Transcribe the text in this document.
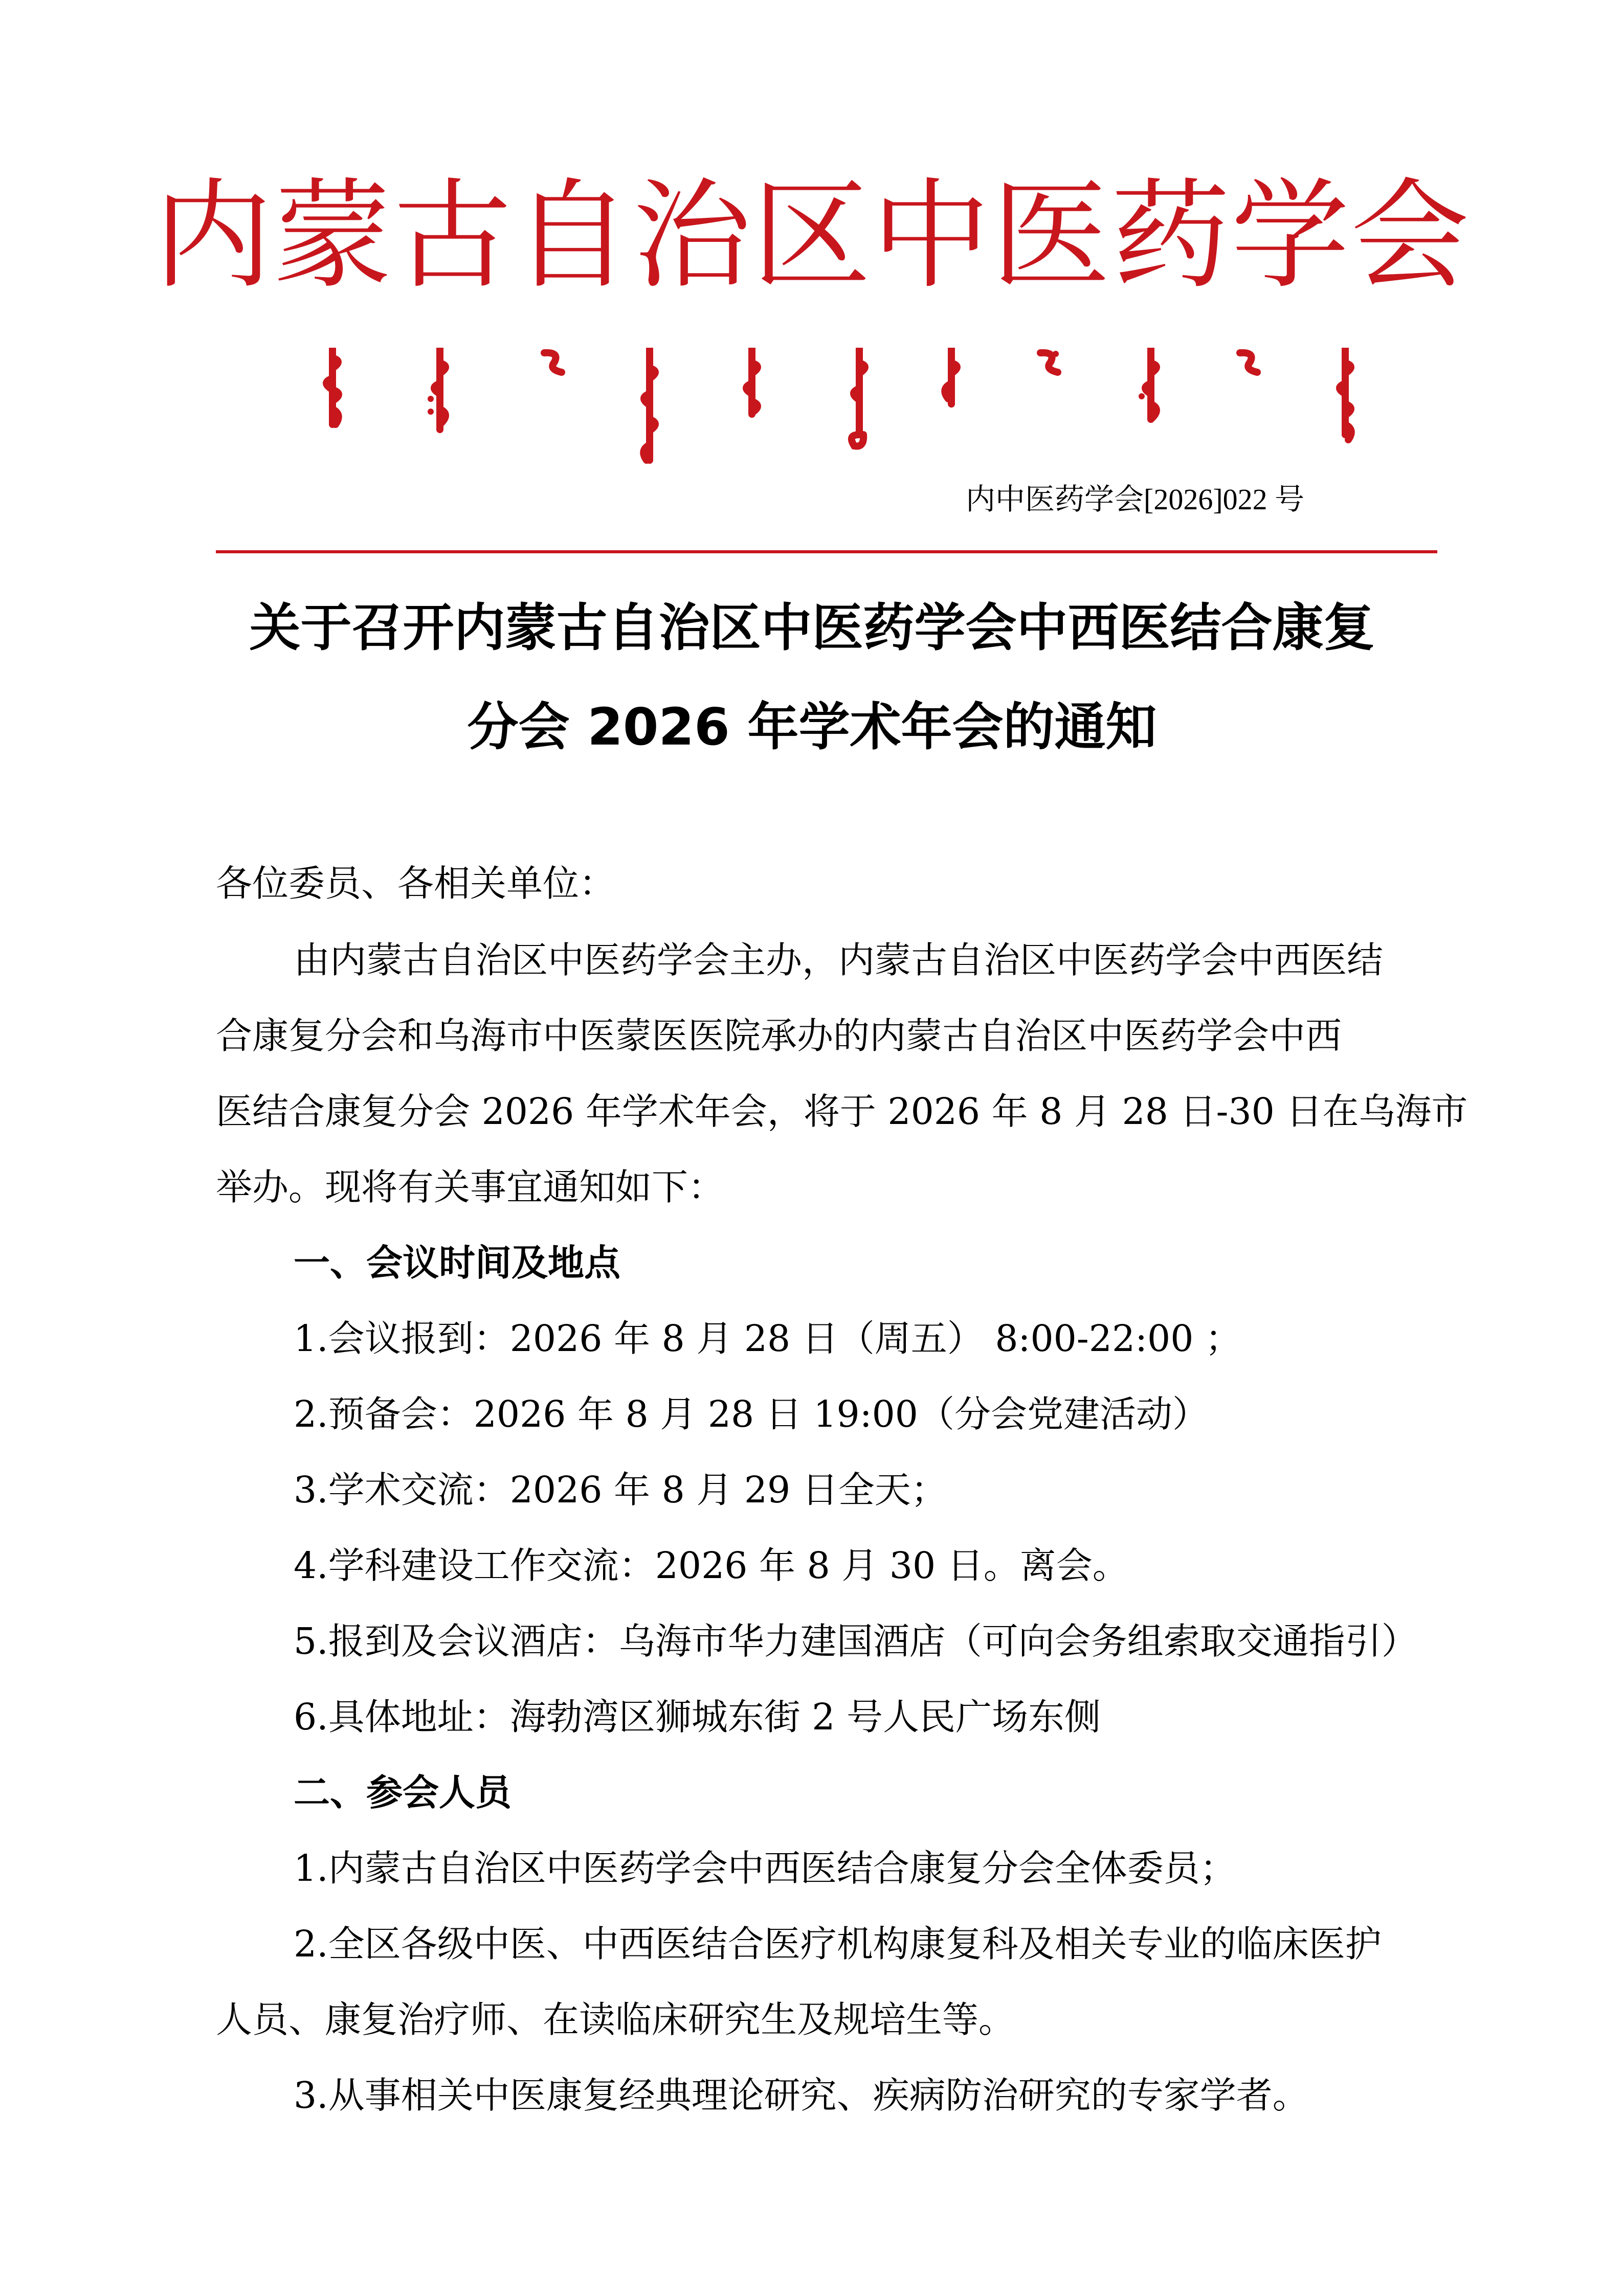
内蒙古自治区中医药学会
内中医药学会[2026]022 号
关于召开内蒙古自治区中医药学会中西医结合康复
分会 2026 年学术年会的通知
各位委员、各相关单位：
由内蒙古自治区中医药学会主办，内蒙古自治区中医药学会中西医结
合康复分会和乌海市中医蒙医医院承办的内蒙古自治区中医药学会中西
医结合康复分会 2026 年学术年会，将于 2026 年 8 月 28 日-30 日在乌海市
举办。现将有关事宜通知如下：
一、会议时间及地点
1.会议报到：2026 年 8 月 28 日（周五） 8:00-22:00 ；
2.预备会：2026 年 8 月 28 日 19:00（分会党建活动）
3.学术交流：2026 年 8 月 29 日全天；
4.学科建设工作交流：2026 年 8 月 30 日。离会。
5.报到及会议酒店：乌海市华力建国酒店（可向会务组索取交通指引）
6.具体地址：海勃湾区狮城东街 2 号人民广场东侧
二、参会人员
1.内蒙古自治区中医药学会中西医结合康复分会全体委员；
2.全区各级中医、中西医结合医疗机构康复科及相关专业的临床医护
人员、康复治疗师、在读临床研究生及规培生等。
3.从事相关中医康复经典理论研究、疾病防治研究的专家学者。
